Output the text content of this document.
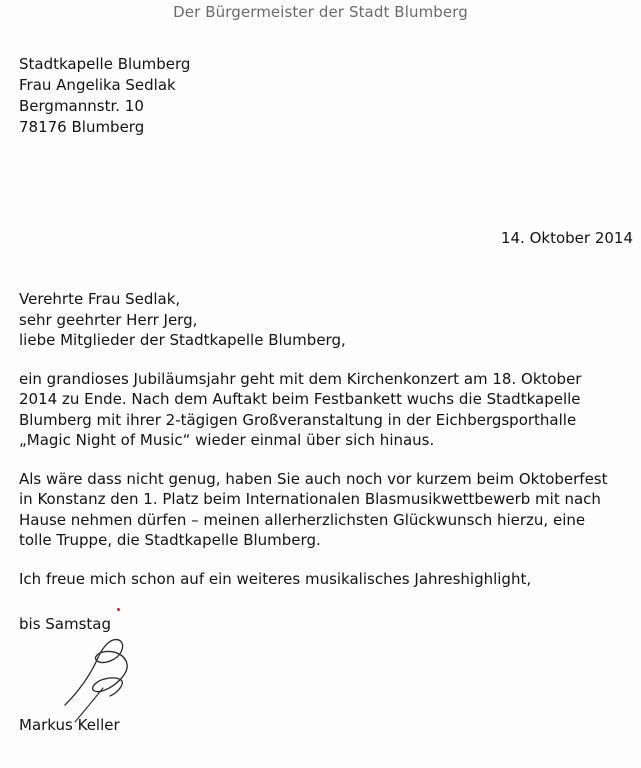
Der Bürgermeister der Stadt Blumberg
Stadtkapelle Blumberg
Frau Angelika Sedlak
Bergmannstr. 10
78176 Blumberg
14. Oktober 2014

Verehrte Frau Sedlak,

sehr geehrter Herr Jerg,

liebe Mitglieder der Stadtkapelle Blumberg,

ein grandioses Jubiläumsjahr geht mit dem Kirchenkonzert am 18. Oktober

2014 zu Ende. Nach dem Auftakt beim Festbankett wuchs die Stadtkapelle

Blumberg mit ihrer 2-tägigen Großveranstaltung in der Eichbergsporthalle

„Magic Night of Music“ wieder einmal über sich hinaus.

Als wäre dass nicht genug, haben Sie auch noch vor kurzem beim Oktoberfest

in Konstanz den 1. Platz beim Internationalen Blasmusikwettbewerb mit nach

Hause nehmen dürfen – meinen allerherzlichsten Glückwunsch hierzu, eine

tolle Truppe, die Stadtkapelle Blumberg.

Ich freue mich schon auf ein weiteres musikalisches Jahreshighlight,

bis Samstag
Markus Keller
